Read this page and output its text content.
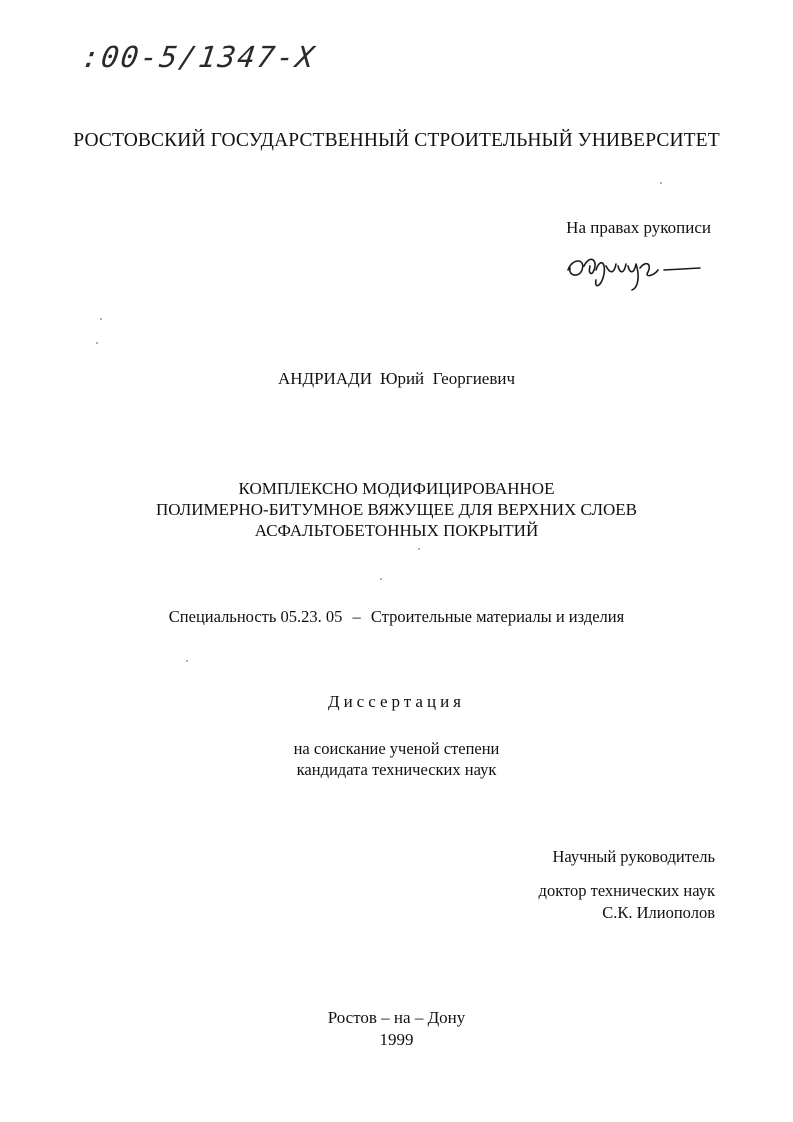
:00-5/1347-X

РОСТОВСКИЙ ГОСУДАРСТВЕННЫЙ СТРОИТЕЛЬНЫЙ УНИВЕРСИТЕТ

На правах рукописи

АНДРИАДИ Юрий  Георгиевич

КОМПЛЕКСНО МОДИФИЦИРОВАННОЕ
ПОЛИМЕРНО-БИТУМНОЕ ВЯЖУЩЕЕ ДЛЯ ВЕРХНИХ СЛОЕВ
АСФАЛЬТОБЕТОННЫХ ПОКРЫТИЙ

Специальность 05.23. 05 – Строительные материалы и изделия

Диссертация

на соискание ученой степени
кандидата технических наук
Научный руководитель
доктор технических наук
С.К. Илиополов
Ростов – на – Дону
1999
